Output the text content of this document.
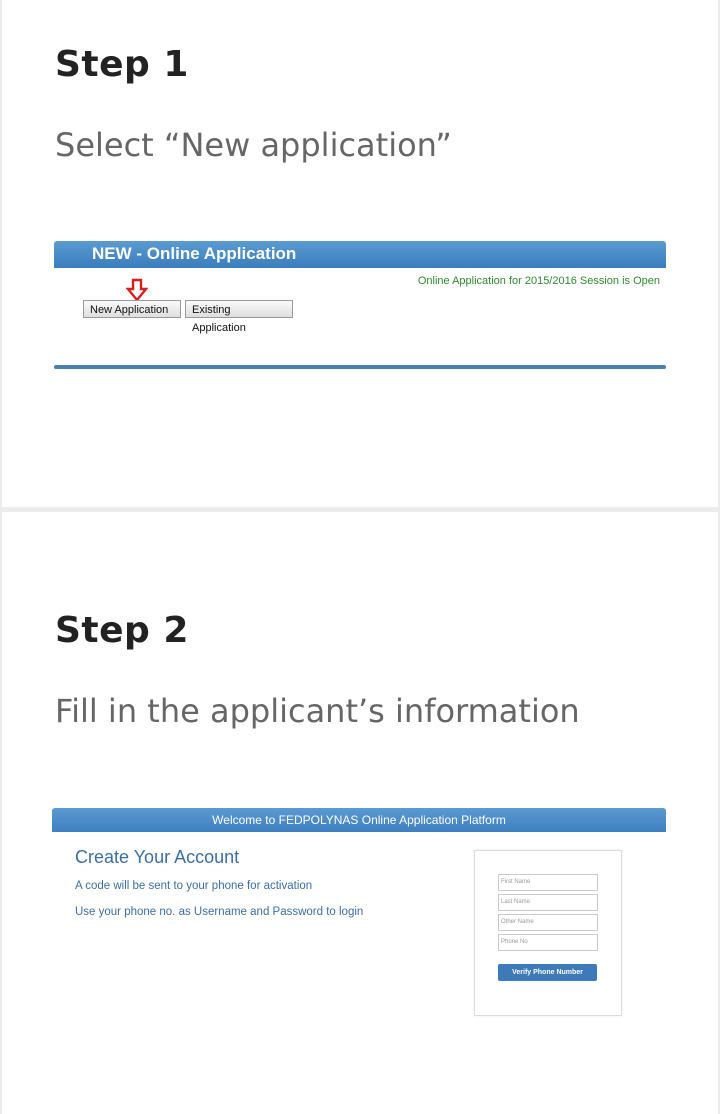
Step 1
Select “New application”
NEW - Online Application
Online Application for 2015/2016 Session is Open
New Application	Existing Application
Step 2
Fill in the applicant’s information
Welcome to FEDPOLYNAS Online Application Platform
Create Your Account
A code will be sent to your phone for activation
Use your phone no. as Username and Password to login
First Name
Last Name
Other Name
Phone No
Verify Phone Number
